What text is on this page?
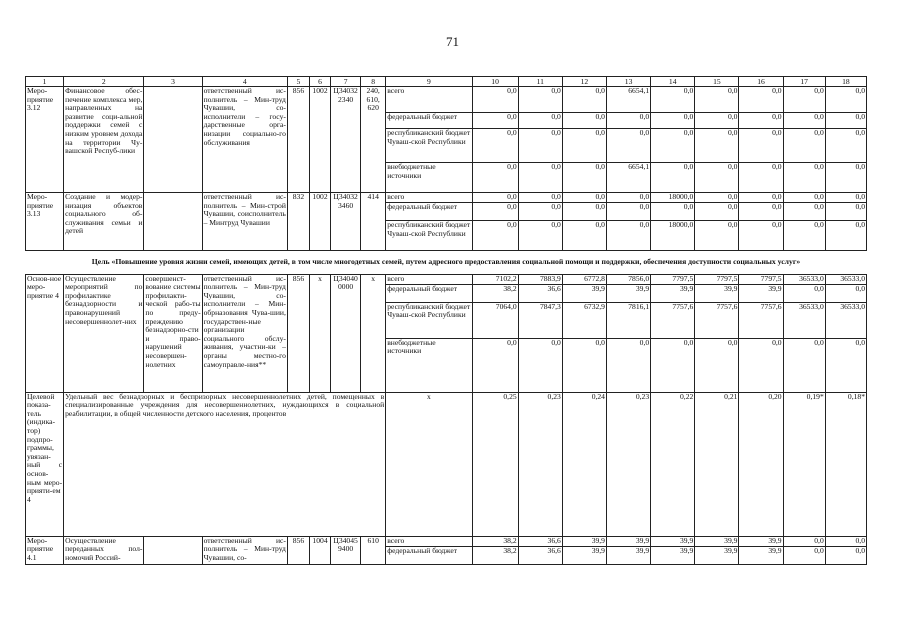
71
1	2	3	4	5	6	7	8	9	10	11	12	13	14	15	16	17	18
Меро-приятие 3.12	Финансовое обес-печение комплекса мер, направленных на развитие соци-альной поддержки семей с низким уровнем дохода на территории Чу-вашской Респуб-лики		ответственный ис-полнитель – Мин-труд Чувашии, со-исполнители – госу-дарственные орга-низации социально-го обслуживания	856	1002	Ц34032 2340	240, 610, 620	всего	0,0	0,0	0,0	6654,1	0,0	0,0	0,0	0,0	0,0
								федеральный бюджет	0,0	0,0	0,0	0,0	0,0	0,0	0,0	0,0	0,0
								республиканский бюджет Чуваш-ской Республики	0,0	0,0	0,0	0,0	0,0	0,0	0,0	0,0	0,0
								внебюджетные источники	0,0	0,0	0,0	6654,1	0,0	0,0	0,0	0,0	0,0
Меро-приятие 3.13	Создание и модер-низация объектов социального об-служивания семьи и детей		ответственный ис-полнитель – Мин-строй Чувашии, соисполнитель – Минтруд Чувашии	832	1002	Ц34032 3460	414	всего	0,0	0,0	0,0	0,0	18000,0	0,0	0,0	0,0	0,0
								федеральный бюджет	0,0	0,0	0,0	0,0	0,0	0,0	0,0	0,0	0,0
								республиканский бюджет Чуваш-ской Республики	0,0	0,0	0,0	0,0	18000,0	0,0	0,0	0,0	0,0
Цель «Повышение уровня жизни семей, имеющих детей, в том числе многодетных семей, путем адресного предоставления социальной помощи и поддержки, обеспечения доступности социальных услуг»																	
Основ-ное меро-приятие 4	Осуществление мероприятий по профилактике безнадзорности и правонарушений несовершеннолет-них	совершенст-вование системы профилакти-ческой рабо-ты по преду-преждению безнадзорно-сти и право-нарушений несовершен-нолетних	ответственный ис-полнитель – Мин-труд Чувашии, со-исполнители – Мин-обрназования Чува-шии, государствен-ные организации социального обслу-живания, участни-ки – органы местно-го самоуправле-ния**	856	x	Ц34040 0000	x	всего	7102,2	7883,9	6772,8	7856,0	7797,5	7797,5	7797,5	36533,0	36533,0
								федеральный бюджет	38,2	36,6	39,9	39,9	39,9	39,9	39,9	0,0	0,0
								республиканский бюджет Чуваш-ской Республики	7064,0	7847,3	6732,9	7816,1	7757,6	7757,6	7757,6	36533,0	36533,0
								внебюджетные источники	0,0	0,0	0,0	0,0	0,0	0,0	0,0	0,0	0,0
Целевой показа-тель (индика-тор) подпро-граммы, увязан-ный с основ-ным меро-прияти-ем 4	Удельный вес безнадзорных и беспризорных несовершеннолетних детей, помещенных в специализированные учреждения для несовершеннолетних, нуждающихся в социальной реабилитации, в общей численности детского населения, процентов							x	0,25	0,23	0,24	0,23	0,22	0,21	0,20	0,19*	0,18*
Меро-приятие 4.1	Осуществление переданных пол-номочий Россий-		ответственный ис-полнитель – Мин-труд Чувашии, со-	856	1004	Ц34045 9400	610	всего	38,2	36,6	39,9	39,9	39,9	39,9	39,9	0,0	0,0
								федеральный бюджет	38,2	36,6	39,9	39,9	39,9	39,9	39,9	0,0	0,0
